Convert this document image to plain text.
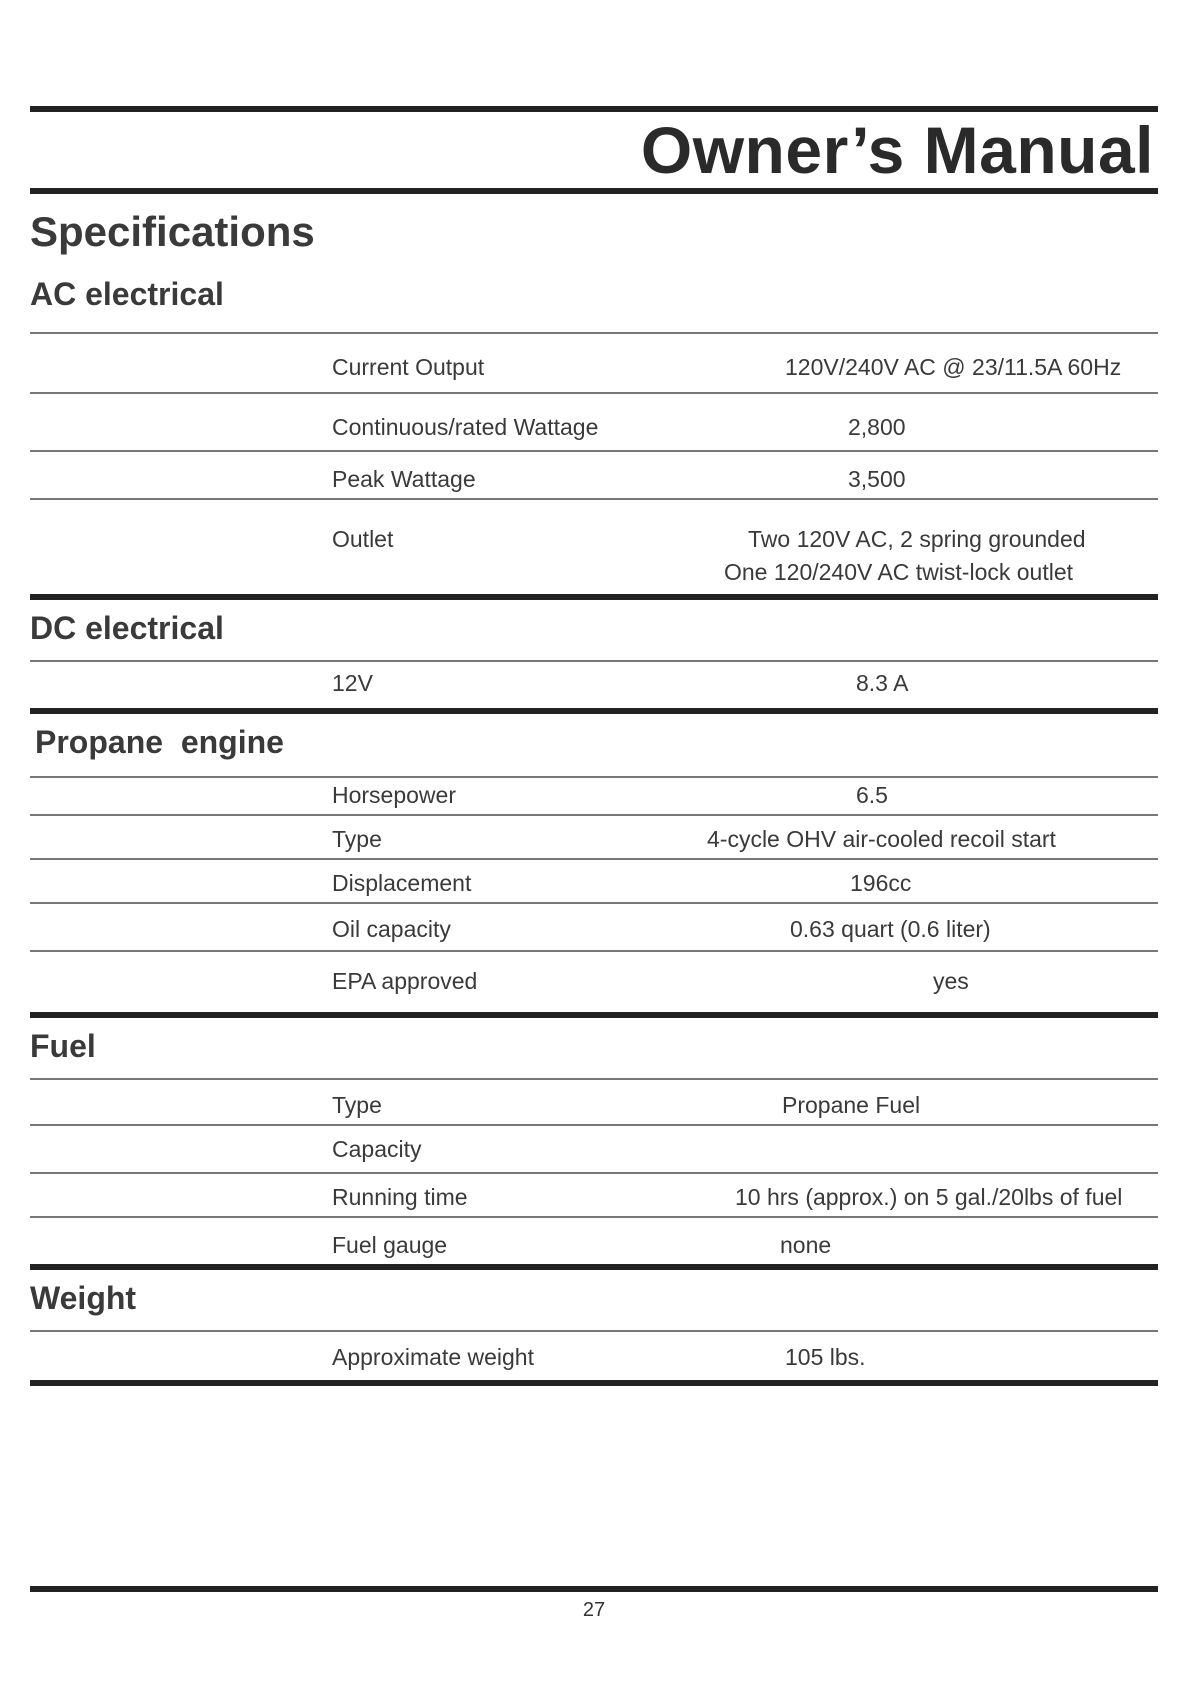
Owner’s Manual
Specifications
AC electrical
Current Output	120V/240V AC @ 23/11.5A 60Hz
Continuous/rated Wattage	2,800
Peak Wattage	3,500
Outlet	Two 120V AC, 2 spring grounded
One 120/240V AC twist-lock outlet
DC electrical
12V	8.3 A
Propane  engine
Horsepower	6.5
Type	4-cycle OHV air-cooled recoil start
Displacement	196cc
Oil capacity	0.63 quart (0.6 liter)
EPA approved	yes
Fuel
Type	Propane Fuel
Capacity
Running time	10 hrs (approx.) on 5 gal./20lbs of fuel
Fuel gauge	none
Weight
Approximate weight	105 lbs.
27
